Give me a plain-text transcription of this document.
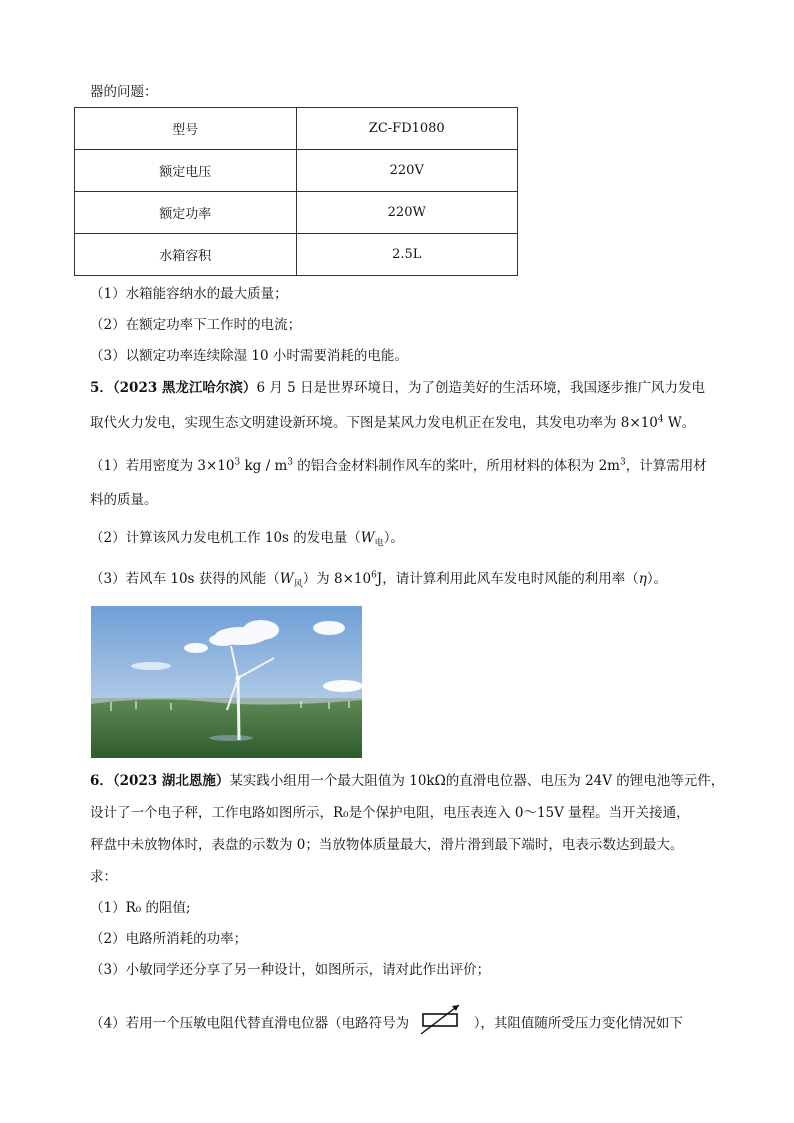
器的问题：
型号	ZC-FD1080
额定电压	220V
额定功率	220W
水箱容积	2.5L
（1）水箱能容纳水的最大质量；
（2）在额定功率下工作时的电流；
（3）以额定功率连续除湿 10 小时需要消耗的电能。
5．（2023 黑龙江哈尔滨）6 月 5 日是世界环境日，为了创造美好的生活环境，我国逐步推广风力发电
取代火力发电，实现生态文明建设新环境。下图是某风力发电机正在发电，其发电功率为 $8\times 10^4$ W。
（1）若用密度为 $3\times 10^3$ kg / $m^3$ 的铝合金材料制作风车的桨叶，所用材料的体积为 $2m^3$，计算需用材
料的质量。
（2）计算该风力发电机工作 10s 的发电量$(W_电)$。
（3）若风车 10s 获得的风能$(W_风)$为 $8\times 10^6J$，请计算利用此风车发电时风能的利用率（η）。
6．（2023 湖北恩施）某实践小组用一个最大阻值为 10kΩ的直滑电位器、电压为 24V 的锂电池等元件，
设计了一个电子秤，工作电路如图所示，R₀是个保护电阻，电压表连入 0～15V 量程。当开关接通，
秤盘中未放物体时，表盘的示数为 0；当放物体质量最大，滑片滑到最下端时，电表示数达到最大。
求：
（1）R₀ 的阻值;
（2）电路所消耗的功率；
（3）小敏同学还分享了另一种设计，如图所示，请对此作出评价；
（4）若用一个压敏电阻代替直滑电位器（电路符号为	），其阻值随所受压力变化情况如下
